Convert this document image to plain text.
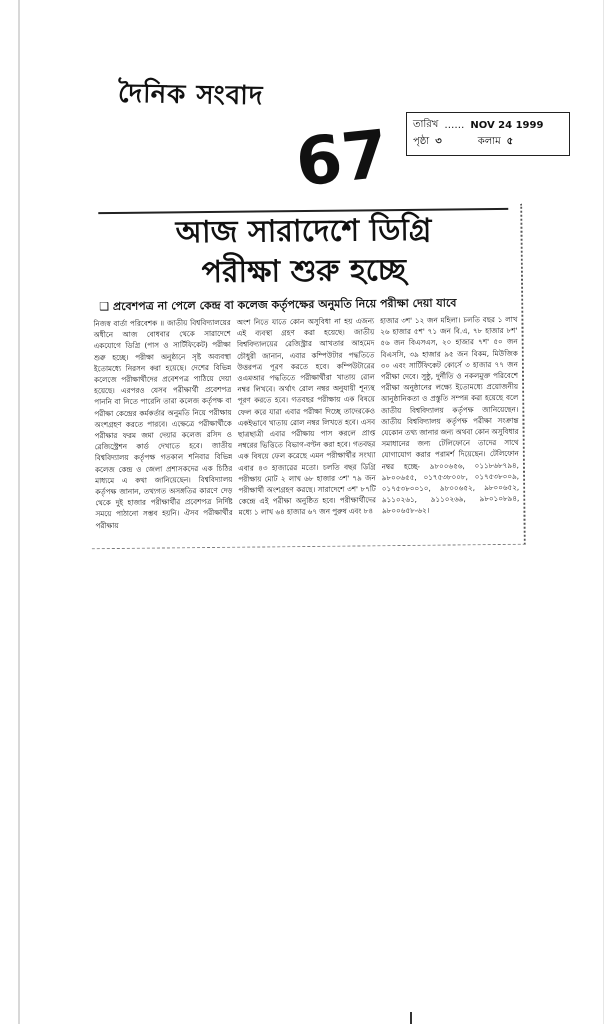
দৈনিক সংবাদ
67 তারিখ …… NOV 24 1999
পৃষ্ঠা ৩	কলাম ৫
আজ সারাদেশে ডিগ্রি
পরীক্ষা শুরু হচ্ছে
❑ প্রবেশপত্র না পেলে কেন্দ্র বা কলেজ কর্তৃপক্ষের অনুমতি নিয়ে পরীক্ষা দেয়া যাবে
নিজস্ব বার্তা পরিবেশক ॥ জাতীয় বিশ্ববিদ্যালয়ের অধীনে আজ বোধবার থেকে সারাদেশে একযোগে ডিগ্রি (পাস ও সার্টিফিকেট) পরীক্ষা শুরু হচ্ছে। পরীক্ষা অনুষ্ঠানে সৃষ্ট অব্যবস্থা ইতোমধ্যে নিরসন করা হয়েছে। দেশের বিভিন্ন কলেজে পরীক্ষার্থীদের প্রবেশপত্র পাঠিয়ে দেয়া হয়েছে। এরপরও যেসব পরীক্ষার্থী প্রবেশপত্র পাননি বা নিতে পারেনি তারা কলেজ কর্তৃপক্ষ বা পরীক্ষা কেন্দ্রের কর্মকর্তার অনুমতি নিয়ে পরীক্ষায় অংশগ্রহণ করতে পারবে। এক্ষেত্রে পরীক্ষার্থীকে পরীক্ষার ফরম জমা দেয়ার কলেজ রসিদ ও রেজিস্ট্রেশন কার্ড দেখাতে হবে। জাতীয় বিশ্ববিদ্যালয় কর্তৃপক্ষ গতকাল শনিবার বিভিন্ন কলেজ কেন্দ্র ও জেলা প্রশাসকদের এক চিঠির মাধ্যমে এ কথা জানিয়েছেন। বিশ্ববিদ্যালয় কর্তৃপক্ষ জানান, তথ্যগত অসঙ্গতির কারণে দেড় থেকে দুই হাজার পরীক্ষার্থীর প্রবেশপত্র নির্দিষ্ট সময়ে পাঠানো সম্ভব হয়নি। ঐসব পরীক্ষার্থীর পরীক্ষায়
অংশ নিতে যাতে কোন অসুবিধা না হয় এজন্য এই ব্যবস্থা গ্রহণ করা হয়েছে। জাতীয় বিশ্ববিদ্যালয়ের রেজিস্ট্রার আখতার আহমেদ চৌধুরী জানান, এবার কম্পিউটার পদ্ধতিতে উত্তরপত্র পূরণ করতে হবে। কম্পিউটারের ওএমআর পদ্ধতিতে পরীক্ষার্থীরা খাতায় রোল নম্বর লিখবে। অর্থাৎ রোল নম্বর অনুযায়ী শূন্যস্থ পূরণ করতে হবে। গতবছর পরীক্ষায় এক বিষয়ে ফেল করে যারা এবার পরীক্ষা দিচ্ছে তাদেরকেও একইভাবে খাতায় রোল নম্বর লিখতে হবে। এসব ছাত্রছাত্রী এবার পরীক্ষায় পাস করলে প্রাপ্ত নম্বরের ভিত্তিতে বিভাগ-বণ্টন করা হবে। গতবছর এক বিষয়ে ফেল করেছে এমন পরীক্ষার্থীর সংখ্যা এবার ৪৩ হাজারের মতো। চলতি বছর ডিগ্রি পরীক্ষায় মোট ২ লাখ ৬৮ হাজার ৩শ' ৭৯ জন পরীক্ষার্থী অংশগ্রহণ করছে। সারাদেশে ৩শ' ৮৭টি কেন্দ্রে এই পরীক্ষা অনুষ্ঠিত হবে। পরীক্ষার্থীদের মধ্যে ১ লাখ ৬৪ হাজার ৬৭ জন পুরুষ এবং ৮৪
হাজার ৩শ' ১২ জন মহিলা। চলতি বছর ১ লাখ ২৬ হাজার ৫শ' ৭১ জন বি.এ, ৭৮ হাজার ৮শ' ৫৬ জন বিএসএস, ২০ হাজার ৭শ' ৫০ জন বিএসসি, ৩৯ হাজার ৯৫ জন বিকম, মিউজিক ৩০ এবং সার্টিফিকেট কোর্সে ৩ হাজার ৭৭ জন পরীক্ষা দেবে। সুষ্ঠু, দুর্নীতি ও নকলমুক্ত পরিবেশে পরীক্ষা অনুষ্ঠানের লক্ষ্যে ইতোমধ্যে প্রয়োজনীয় আনুষ্ঠানিকতা ও প্রস্তুতি সম্পন্ন করা হয়েছে বলে জাতীয় বিশ্ববিদ্যালয় কর্তৃপক্ষ জানিয়েছেন। জাতীয় বিশ্ববিদ্যালয় কর্তৃপক্ষ পরীক্ষা সংক্রান্ত যেকোন তথ্য জানার জন্য অথবা কোন অসুবিধার সমাধানের জন্য টেলিফোনে তাদের সাথে যোগাযোগ করার পরামর্শ দিয়েছেন। টেলিফোন নম্বর হচ্ছে- ৯৮০০৬৫৬, ০১১৮৬৮৭৯৪, ৯৮০০৬৫৫, ০১৭৫৩৮০০৮, ০১৭৫৩৮০০৯, ০১৭৫৩৮০০১০, ৯৮০০৬৫২, ৯৮০০৬৫২, ৯১১০২৬১, ৯১১০২৬৯, ৯৮০১০৮৯৪, ৯৮০০৬৫৮-৬২।
